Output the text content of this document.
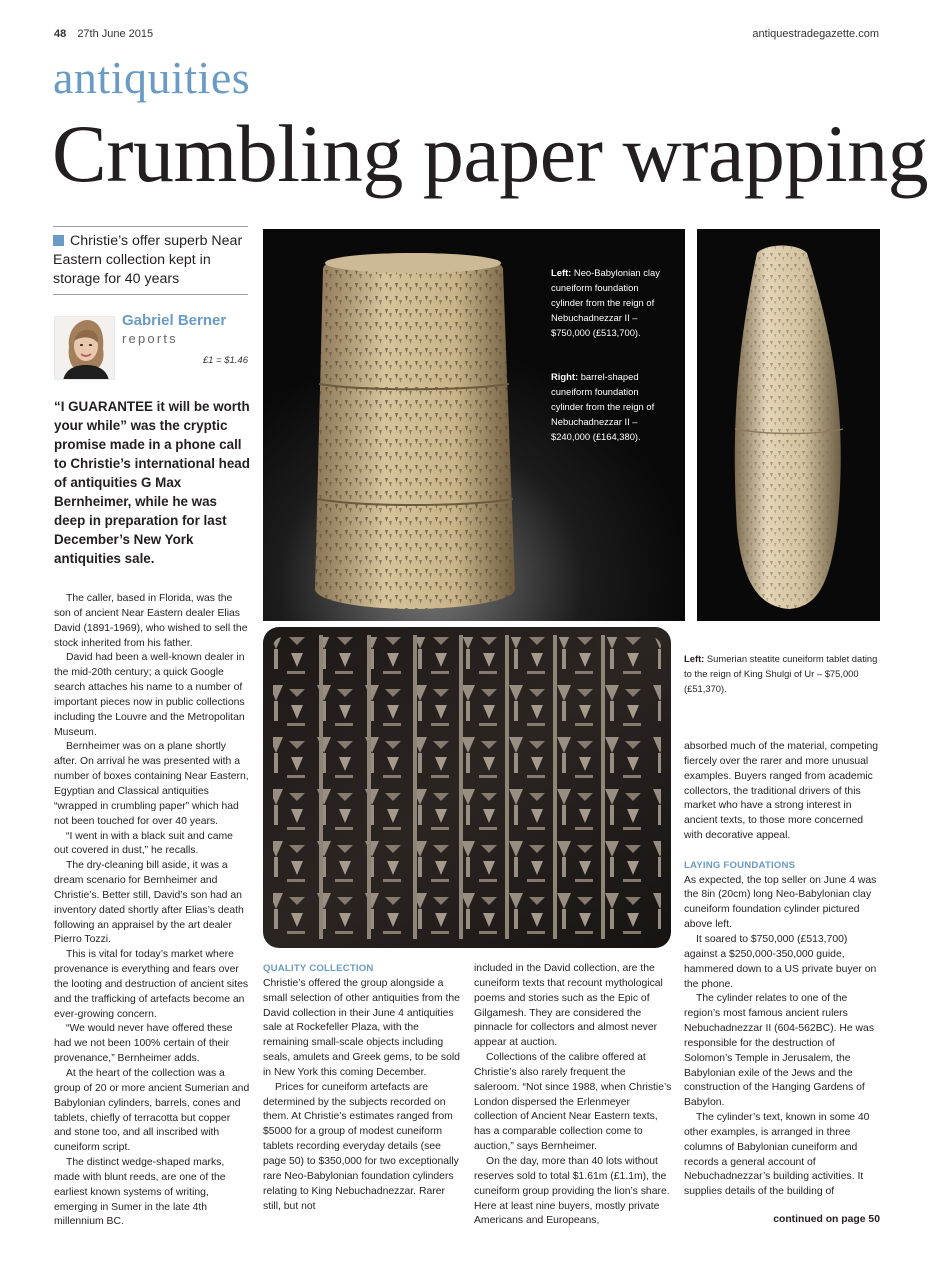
48 27th June 2015	antiquestradegazette.com
antiquities
Crumbling paper wrapping
Christie’s offer superb Near Eastern collection kept in storage for 40 years
Gabriel Berner
reports
£1 = $1.46
“I GUARANTEE it will be worth your while” was the cryptic promise made in a phone call to Christie’s international head of antiquities G Max Bernheimer, while he was deep in preparation for last December’s New York antiquities sale.

The caller, based in Florida, was the son of ancient Near Eastern dealer Elias David (1891-1969), who wished to sell the stock inherited from his father.

David had been a well-known dealer in the mid-20th century; a quick Google search attaches his name to a number of important pieces now in public collections including the Louvre and the Metropolitan Museum.

Bernheimer was on a plane shortly after. On arrival he was presented with a number of boxes containing Near Eastern, Egyptian and Classical antiquities “wrapped in crumbling paper” which had not been touched for over 40 years.

“I went in with a black suit and came out covered in dust,” he recalls.

The dry-cleaning bill aside, it was a dream scenario for Bernheimer and Christie’s. Better still, David’s son had an inventory dated shortly after Elias’s death following an appraisel by the art dealer Pierro Tozzi.

This is vital for today’s market where provenance is everything and fears over the looting and destruction of ancient sites and the trafficking of artefacts become an ever-growing concern.

“We would never have offered these had we not been 100% certain of their provenance,” Bernheimer adds.

At the heart of the collection was a group of 20 or more ancient Sumerian and Babylonian cylinders, barrels, cones and tablets, chiefly of terracotta but copper and stone too, and all inscribed with cuneiform script.

The distinct wedge-shaped marks, made with blunt reeds, are one of the earliest known systems of writing, emerging in Sumer in the late 4th millennium BC.

Left: Neo-Babylonian clay cuneiform foundation cylinder from the reign of Nebuchadnezzar II – $750,000 (£513,700).
Right: barrel-shaped cuneiform foundation cylinder from the reign of Nebuchadnezzar II – $240,000 (£164,380).
Left: Sumerian steatite cuneiform tablet dating to the reign of King Shulgi of Ur – $75,000 (£51,370).
QUALITY COLLECTION

Christie’s offered the group alongside a small selection of other antiquities from the David collection in their June 4 antiquities sale at Rockefeller Plaza, with the remaining small-scale objects including seals, amulets and Greek gems, to be sold in New York this coming December.

Prices for cuneiform artefacts are determined by the subjects recorded on them. At Christie’s estimates ranged from $5000 for a group of modest cuneiform tablets recording everyday details (see page 50) to $350,000 for two exceptionally rare Neo-Babylonian foundation cylinders relating to King Nebuchadnezzar. Rarer still, but not

included in the David collection, are the cuneiform texts that recount mythological poems and stories such as the Epic of Gilgamesh. They are considered the pinnacle for collectors and almost never appear at auction.

Collections of the calibre offered at Christie’s also rarely frequent the saleroom. “Not since 1988, when Christie’s London dispersed the Erlenmeyer collection of Ancient Near Eastern texts, has a comparable collection come to auction,” says Bernheimer.

On the day, more than 40 lots without reserves sold to total $1.61m (£1.1m), the cuneiform group providing the lion’s share. Here at least nine buyers, mostly private Americans and Europeans,

absorbed much of the material, competing fiercely over the rarer and more unusual examples. Buyers ranged from academic collectors, the traditional drivers of this market who have a strong interest in ancient texts, to those more concerned with decorative appeal.

LAYING FOUNDATIONS

As expected, the top seller on June 4 was the 8in (20cm) long Neo-Babylonian clay cuneiform foundation cylinder pictured above left.

It soared to $750,000 (£513,700) against a $250,000-350,000 guide, hammered down to a US private buyer on the phone.

The cylinder relates to one of the region’s most famous ancient rulers Nebuchadnezzar II (604-562BC). He was responsible for the destruction of Solomon’s Temple in Jerusalem, the Babylonian exile of the Jews and the construction of the Hanging Gardens of Babylon.

The cylinder’s text, known in some 40 other examples, is arranged in three columns of Babylonian cuneiform and records a general account of Nebuchadnezzar’s building activities. It supplies details of the building of

continued on page 50
